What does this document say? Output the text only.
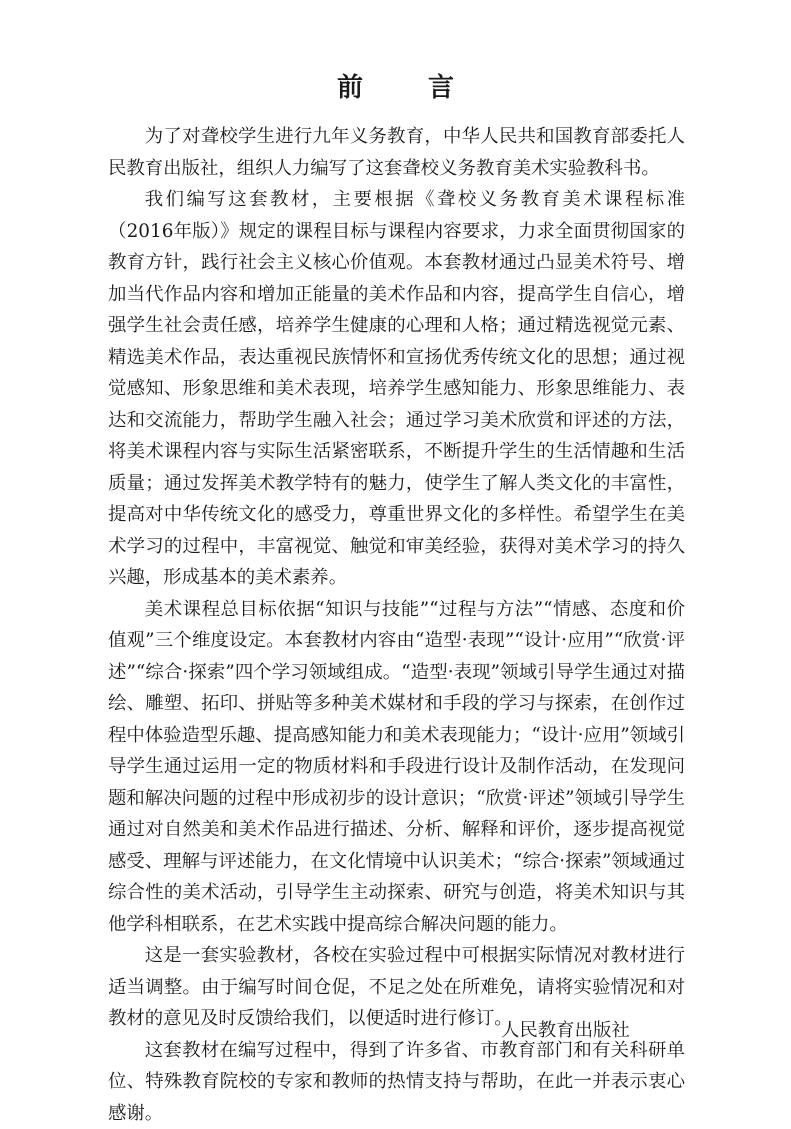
前 言

为了对聋校学生进行九年义务教育，中华人民共和国教育部委托人民教育出版社，组织人力编写了这套聋校义务教育美术实验教科书。

我们编写这套教材，主要根据《聋校义务教育美术课程标准（2016年版）》规定的课程目标与课程内容要求，力求全面贯彻国家的教育方针，践行社会主义核心价值观。本套教材通过凸显美术符号、增加当代作品内容和增加正能量的美术作品和内容，提高学生自信心，增强学生社会责任感，培养学生健康的心理和人格；通过精选视觉元素、精选美术作品，表达重视民族情怀和宣扬优秀传统文化的思想；通过视觉感知、形象思维和美术表现，培养学生感知能力、形象思维能力、表达和交流能力，帮助学生融入社会；通过学习美术欣赏和评述的方法，将美术课程内容与实际生活紧密联系，不断提升学生的生活情趣和生活质量；通过发挥美术教学特有的魅力，使学生了解人类文化的丰富性，提高对中华传统文化的感受力，尊重世界文化的多样性。希望学生在美术学习的过程中，丰富视觉、触觉和审美经验，获得对美术学习的持久兴趣，形成基本的美术素养。

美术课程总目标依据“知识与技能”“过程与方法”“情感、态度和价值观”三个维度设定。本套教材内容由“造型·表现”“设计·应用”“欣赏·评述”“综合·探索”四个学习领域组成。“造型·表现”领域引导学生通过对描绘、雕塑、拓印、拼贴等多种美术媒材和手段的学习与探索，在创作过程中体验造型乐趣、提高感知能力和美术表现能力；“设计·应用”领域引导学生通过运用一定的物质材料和手段进行设计及制作活动，在发现问题和解决问题的过程中形成初步的设计意识；“欣赏·评述”领域引导学生通过对自然美和美术作品进行描述、分析、解释和评价，逐步提高视觉感受、理解与评述能力，在文化情境中认识美术；“综合·探索”领域通过综合性的美术活动，引导学生主动探索、研究与创造，将美术知识与其他学科相联系，在艺术实践中提高综合解决问题的能力。

这是一套实验教材，各校在实验过程中可根据实际情况对教材进行适当调整。由于编写时间仓促，不足之处在所难免，请将实验情况和对教材的意见及时反馈给我们，以便适时进行修订。

这套教材在编写过程中，得到了许多省、市教育部门和有关科研单位、特殊教育院校的专家和教师的热情支持与帮助，在此一并表示衷心感谢。

人民教育出版社
